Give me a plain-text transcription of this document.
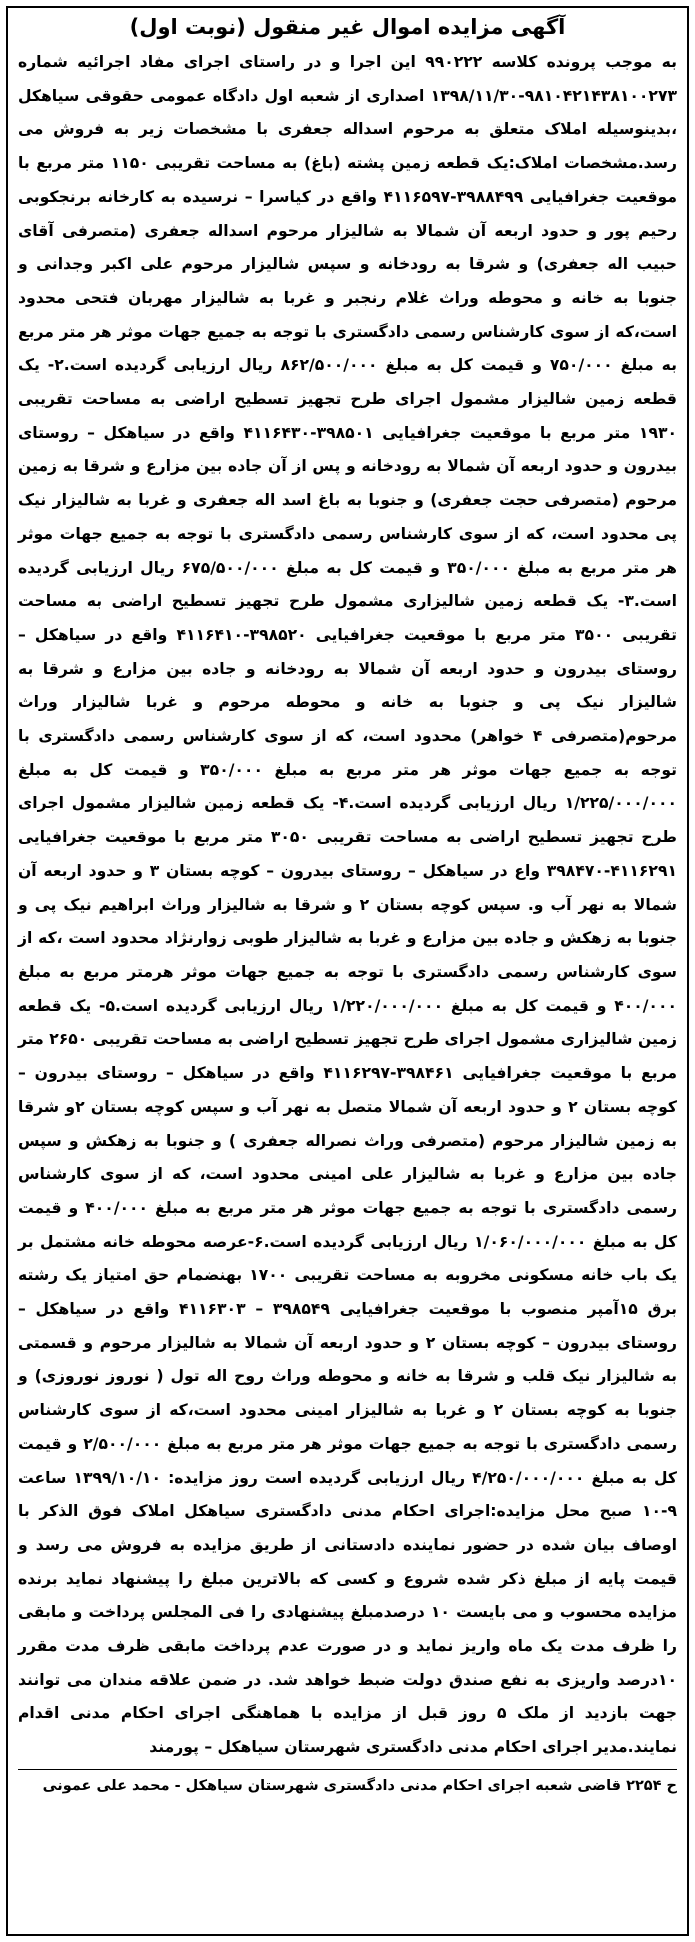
آگهی مزایده اموال غیر منقول (نوبت اول)

به موجب پرونده کلاسه ۹۹۰۲۲۲ این اجرا و در راستای اجرای مفاد اجرائیه شماره ۹۸۱۰۴۲۱۴۳۸۱۰۰۲۷۳-۱۳۹۸/۱۱/۳۰ اصداری از شعبه اول دادگاه عمومی حقوقی سیاهکل ،بدینوسیله املاک متعلق به مرحوم اسداله جعفری با مشخصات زیر به فروش می رسد.مشخصات املاک:یک قطعه زمین پشته (باغ) به مساحت تقریبی ۱۱۵۰ متر مربع با موقعیت جغرافیایی ۳۹۸۸۴۹۹-۴۱۱۶۵۹۷ واقع در کیاسرا – نرسیده به کارخانه برنجکوبی رحیم پور و حدود اربعه آن شمالا به شالیزار مرحوم اسداله جعفری (متصرفی آقای حبیب اله جعفری) و شرقا به رودخانه و سپس شالیزار مرحوم علی اکبر وجدانی و جنوبا به خانه و محوطه وراث غلام رنجبر و غربا به شالیزار مهربان فتحی محدود است،که از سوی کارشناس رسمی دادگستری با توجه به جمیع جهات موثر هر متر مربع به مبلغ ۷۵۰/۰۰۰ و قیمت کل به مبلغ ۸۶۲/۵۰۰/۰۰۰ ریال ارزیابی گردیده است.۲- یک قطعه زمین شالیزار مشمول اجرای طرح تجهیز تسطیح اراضی به مساحت تقریبی ۱۹۳۰ متر مربع با موقعیت جغرافیایی ۳۹۸۵۰۱-۴۱۱۶۴۳۰ واقع در سیاهکل – روستای بیدرون و حدود اربعه آن شمالا به رودخانه و پس از آن جاده بین مزارع و شرقا به زمین مرحوم (متصرفی حجت جعفری) و جنوبا به باغ اسد اله جعفری و غربا به شالیزار نیک پی محدود است، که از سوی کارشناس رسمی دادگستری با توجه به جمیع جهات موثر هر متر مربع به مبلغ ۳۵۰/۰۰۰ و قیمت کل به مبلغ ۶۷۵/۵۰۰/۰۰۰ ریال ارزیابی گردیده است.۳- یک قطعه زمین شالیزاری مشمول طرح تجهیز تسطیح اراضی به مساحت تقریبی ۳۵۰۰ متر مربع با موقعیت جغرافیایی ۳۹۸۵۲۰-۴۱۱۶۴۱۰ واقع در سیاهکل – روستای بیدرون و حدود اربعه آن شمالا به رودخانه و جاده بین مزارع و شرقا به شالیزار نیک پی و جنوبا به خانه و محوطه مرحوم و غربا شالیزار وراث مرحوم(متصرفی ۴ خواهر) محدود است، که از سوی کارشناس رسمی دادگستری با توجه به جمیع جهات موثر هر متر مربع به مبلغ ۳۵۰/۰۰۰ و قیمت کل به مبلغ ۱/۲۲۵/۰۰۰/۰۰۰ ریال ارزیابی گردیده است.۴- یک قطعه زمین شالیزار مشمول اجرای طرح تجهیز تسطیح اراضی به مساحت تقریبی ۳۰۵۰ متر مربع با موقعیت جغرافیایی ۴۱۱۶۲۹۱-۳۹۸۴۷۰ واع در سیاهکل – روستای بیدرون – کوچه بستان ۳ و حدود اربعه آن شمالا به نهر آب و. سپس کوچه بستان ۲ و شرقا به شالیزار وراث ابراهیم نیک پی و جنوبا به زهکش و جاده بین مزارع و غربا به شالیزار طوبی زوارنژاد محدود است ،که از سوی کارشناس رسمی دادگستری با توجه به جمیع جهات موثر هرمتر مربع به مبلغ ۴۰۰/۰۰۰ و قیمت کل به مبلغ ۱/۲۲۰/۰۰۰/۰۰۰ ریال ارزیابی گردیده است.۵- یک قطعه زمین شالیزاری مشمول اجرای طرح تجهیز تسطیح اراضی به مساحت تقریبی ۲۶۵۰ متر مربع با موقعیت جغرافیایی ۳۹۸۴۶۱-۴۱۱۶۲۹۷ واقع در سیاهکل – روستای بیدرون – کوچه بستان ۲ و حدود اربعه آن شمالا متصل به نهر آب و سپس کوچه بستان ۲و شرقا به زمین شالیزار مرحوم (متصرفی وراث نصراله جعفری ) و جنوبا به زهکش و سپس جاده بین مزارع و غربا به شالیزار علی امینی محدود است، که از سوی کارشناس رسمی دادگستری با توجه به جمیع جهات موثر هر متر مربع به مبلغ ۴۰۰/۰۰۰ و قیمت کل به مبلغ ۱/۰۶۰/۰۰۰/۰۰۰ ریال ارزیابی گردیده است.۶-عرصه محوطه خانه مشتمل بر یک باب خانه مسکونی مخروبه به مساحت تقریبی ۱۷۰۰ بهنضمام حق امتیاز یک رشته برق ۱۵آمپر منصوب با موقعیت جغرافیایی ۳۹۸۵۴۹ – ۴۱۱۶۳۰۳ واقع در سیاهکل – روستای بیدرون – کوچه بستان ۲ و حدود اربعه آن شمالا به شالیزار مرحوم و قسمتی به شالیزار نیک قلب و شرقا به خانه و محوطه وراث روح اله تول ( نوروز نوروزی) و جنوبا به کوچه بستان ۲ و غربا به شالیزار امینی محدود است،که از سوی کارشناس رسمی دادگستری با توجه به جمیع جهات موثر هر متر مربع به مبلغ ۲/۵۰۰/۰۰۰ و قیمت کل به مبلغ ۴/۲۵۰/۰۰۰/۰۰۰ ریال ارزیابی گردیده است روز مزایده: ۱۳۹۹/۱۰/۱۰ ساعت ۹-۱۰ صبح محل مزایده:اجرای احکام مدنی دادگستری سیاهکل املاک فوق الذکر با اوصاف بیان شده در حضور نماینده دادستانی از طریق مزایده به فروش می رسد و قیمت پایه از مبلغ ذکر شده شروع و کسی که بالاترین مبلغ را پیشنهاد نماید برنده مزایده محسوب و می بایست ۱۰ درصدمبلغ پیشنهادی را فی المجلس پرداخت و مابقی را ظرف مدت یک ماه واریز نماید و در صورت عدم پرداخت مابقی ظرف مدت مقرر ۱۰درصد واریزی به نفع صندق دولت ضبط خواهد شد. در ضمن علاقه مندان می توانند جهت بازدید از ملک ۵ روز قبل از مزایده با هماهنگی اجرای احکام مدنی اقدام نمایند.مدیر اجرای احکام مدنی دادگستری شهرستان سیاهکل – پورمند

ح ۲۲۵۴ قاضی شعبه اجرای احکام مدنی دادگستری شهرستان سیاهکل - محمد علی عمونی
